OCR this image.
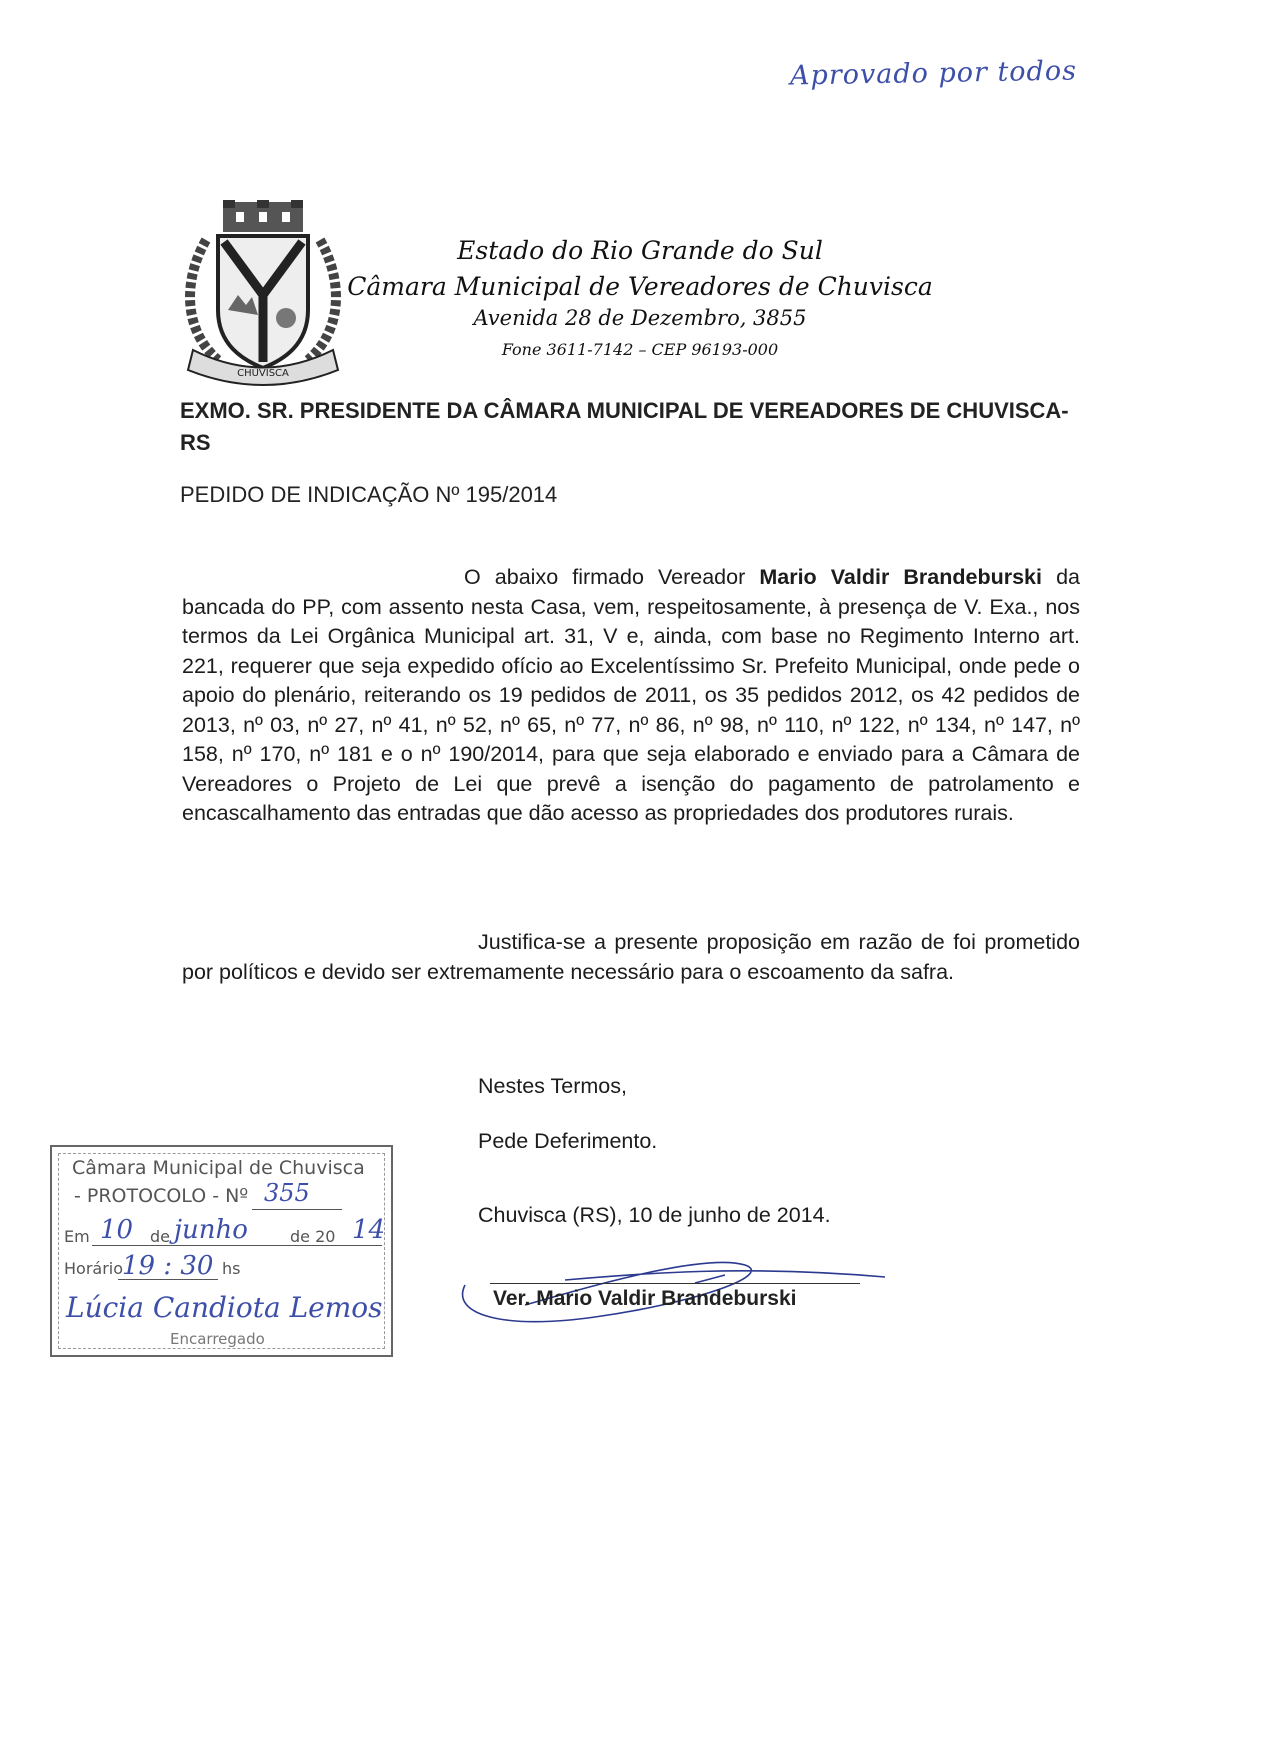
Aprovado por todos
CHUVISCA
Estado do Rio Grande do Sul
Câmara Municipal de Vereadores de Chuvisca
Avenida 28 de Dezembro, 3855
Fone 3611-7142 – CEP 96193-000
EXMO. SR. PRESIDENTE DA CÂMARA MUNICIPAL DE VEREADORES DE CHUVISCA-RS
PEDIDO DE INDICAÇÃO Nº 195/2014
O abaixo firmado Vereador Mario Valdir Brandeburski da bancada do PP, com assento nesta Casa, vem, respeitosamente, à presença de V. Exa., nos termos da Lei Orgânica Municipal art. 31, V e, ainda, com base no Regimento Interno art. 221, requerer que seja expedido ofício ao Excelentíssimo Sr. Prefeito Municipal, onde pede o apoio do plenário, reiterando os 19 pedidos de 2011, os 35 pedidos 2012, os 42 pedidos de 2013, nº 03, nº 27, nº 41, nº 52, nº 65, nº 77, nº 86, nº 98, nº 110, nº 122, nº 134, nº 147, nº 158, nº 170, nº 181 e o nº 190/2014, para que seja elaborado e enviado para a Câmara de Vereadores o Projeto de Lei que prevê a isenção do pagamento de patrolamento e encascalhamento das entradas que dão acesso as propriedades dos produtores rurais.
Justifica-se a presente proposição em razão de foi prometido por políticos e devido ser extremamente necessário para o escoamento da safra.
Nestes Termos,
Pede Deferimento.
Chuvisca (RS), 10 de junho de 2014.
Ver. Mario Valdir Brandeburski
Câmara Municipal de Chuvisca
- PROTOCOLO - Nº 355
Em 10 de junho	de 20 14
Horário
19 : 30 hs
Lúcia Candiota Lemos
Encarregado
